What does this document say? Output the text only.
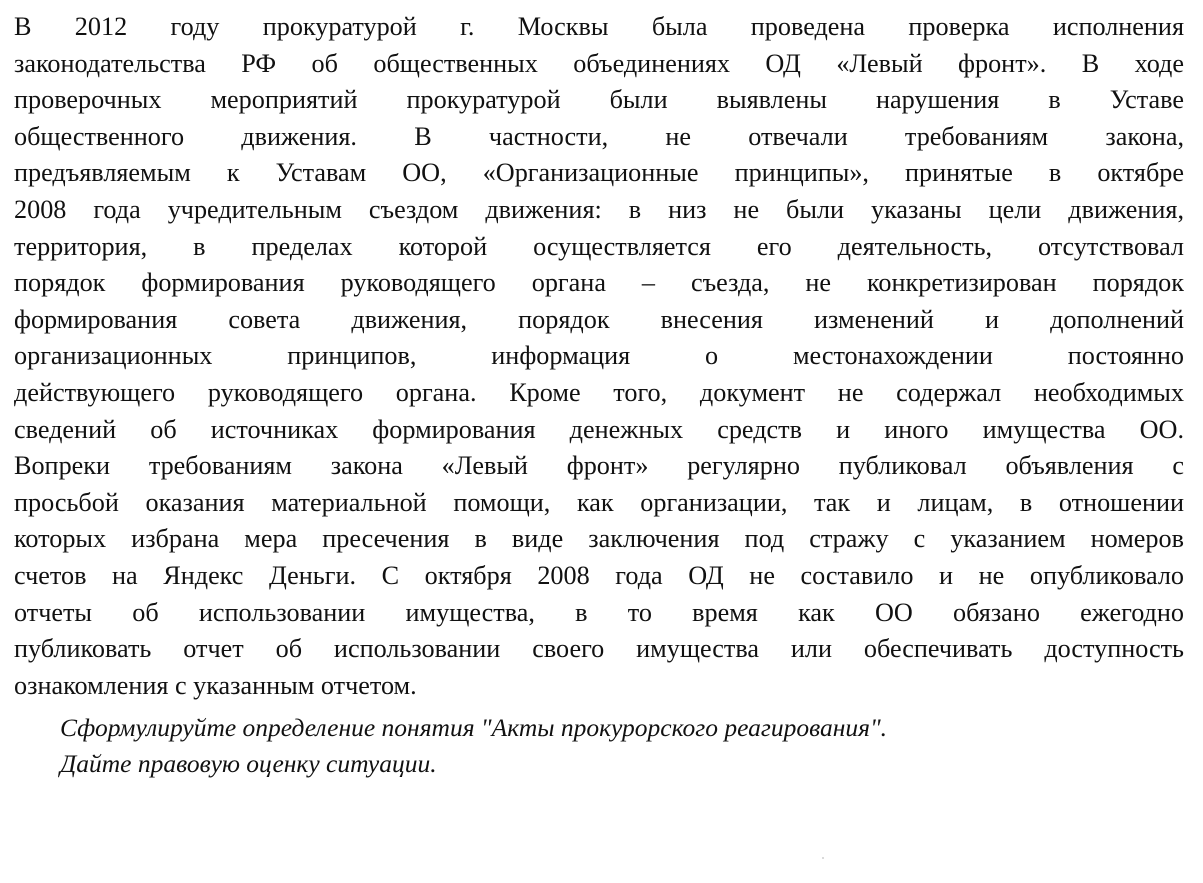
В 2012 году прокуратурой г. Москвы была проведена проверка исполнения
законодательства РФ об общественных объединениях ОД «Левый фронт». В ходе
проверочных мероприятий прокуратурой были выявлены нарушения в Уставе
общественного движения. В частности, не отвечали требованиям закона,
предъявляемым к Уставам ОО, «Организационные принципы», принятые в октябре
2008 года учредительным съездом движения: в низ не были указаны цели движения,
территория, в пределах которой осуществляется его деятельность, отсутствовал
порядок формирования руководящего органа – съезда, не конкретизирован порядок
формирования совета движения, порядок внесения изменений и дополнений
организационных принципов, информация о местонахождении постоянно
действующего руководящего органа. Кроме того, документ не содержал необходимых
сведений об источниках формирования денежных средств и иного имущества ОО.
Вопреки требованиям закона «Левый фронт» регулярно публиковал объявления с
просьбой оказания материальной помощи, как организации, так и лицам, в отношении
которых избрана мера пресечения в виде заключения под стражу с указанием номеров
счетов на Яндекс Деньги. С октября 2008 года ОД не составило и не опубликовало
отчеты об использовании имущества, в то время как ОО обязано ежегодно
публиковать отчет об использовании своего имущества или обеспечивать доступность
ознакомления с указанным отчетом.
Сформулируйте определение понятия "Акты прокурорского реагирования".
Дайте правовую оценку ситуации.
